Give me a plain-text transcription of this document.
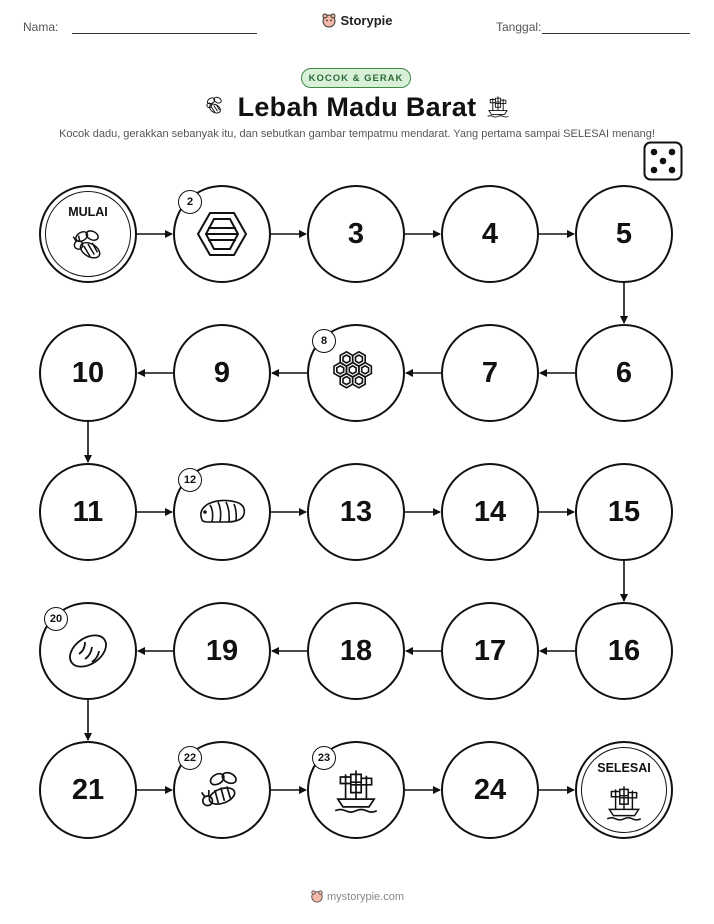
Nama:	Storypie	Tanggal:
KOCOK & GERAK
Lebah Madu Barat
Kocok dadu, gerakkan sebanyak itu, dan sebutkan gambar tempatmu mendarat. Yang pertama sampai SELESAI menang!
MULAI
2
3	4	5
6
7
8
9
10
11
12
13	14	15
16
17
18
19
20
21
22	23
24
SELESAI
mystorypie.com
